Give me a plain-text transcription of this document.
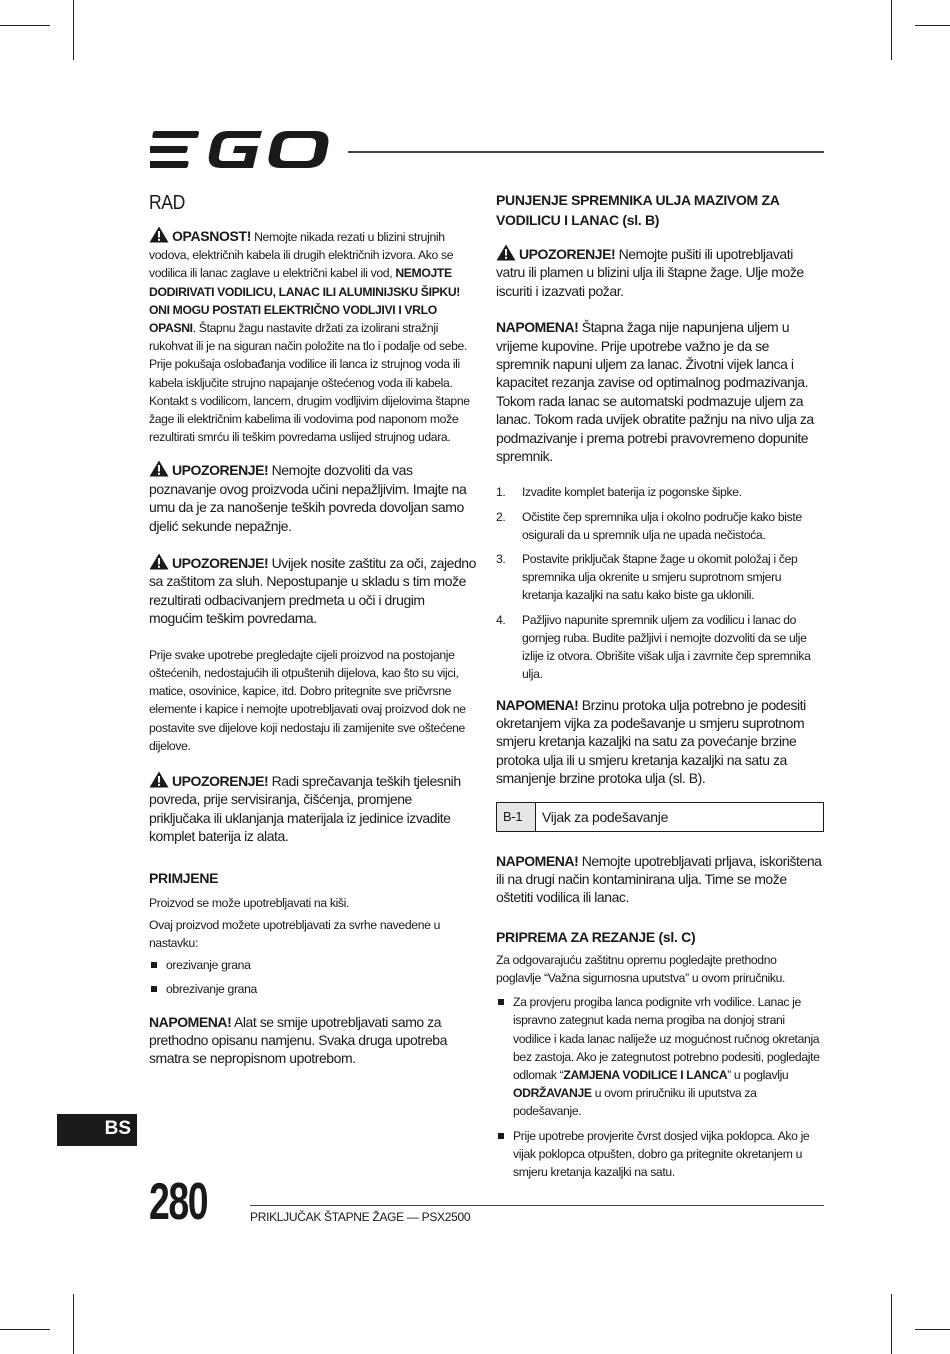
RAD

OPASNOST! Nemojte nikada rezati u blizini strujnih vodova, električnih kabela ili drugih električnih izvora. Ako se vodilica ili lanac zaglave u električni kabel ili vod, NEMOJTE DODIRIVATI VODILICU, LANAC ILI ALUMINIJSKU ŠIPKU! ONI MOGU POSTATI ELEKTRIČNO VODLJIVI I VRLO OPASNI. Štapnu žagu nastavite držati za izolirani stražnji rukohvat ili je na siguran način položite na tlo i podalje od sebe. Prije pokušaja oslobađanja vodilice ili lanca iz strujnog voda ili kabela isključite strujno napajanje oštećenog voda ili kabela. Kontakt s vodilicom, lancem, drugim vodljivim dijelovima štapne žage ili električnim kabelima ili vodovima pod naponom može rezultirati smrću ili teškim povredama uslijed strujnog udara.

UPOZORENJE! Nemojte dozvoliti da vas poznavanje ovog proizvoda učini nepažljivim. Imajte na umu da je za nanošenje teških povreda dovoljan samo djelić sekunde nepažnje.

UPOZORENJE! Uvijek nosite zaštitu za oči, zajedno sa zaštitom za sluh. Nepostupanje u skladu s tim može rezultirati odbacivanjem predmeta u oči i drugim mogućim teškim povredama.

Prije svake upotrebe pregledajte cijeli proizvod na postojanje oštećenih, nedostajućih ili otpuštenih dijelova, kao što su vijci, matice, osovinice, kapice, itd. Dobro pritegnite sve pričvrsne elemente i kapice i nemojte upotrebljavati ovaj proizvod dok ne postavite sve dijelove koji nedostaju ili zamijenite sve oštećene dijelove.

UPOZORENJE! Radi sprečavanja teških tjelesnih povreda, prije servisiranja, čišćenja, promjene priključaka ili uklanjanja materijala iz jedinice izvadite komplet baterija iz alata.

PRIMJENE

Proizvod se može upotrebljavati na kiši.

Ovaj proizvod možete upotrebljavati za svrhe navedene u nastavku:

orezivanje grana
obrezivanje grana

NAPOMENA! Alat se smije upotrebljavati samo za prethodno opisanu namjenu. Svaka druga upotreba smatra se nepropisnom upotrebom.

PUNJENJE SPREMNIKA ULJA MAZIVOM ZA VODILICU I LANAC (sl. B)

UPOZORENJE! Nemojte pušiti ili upotrebljavati vatru ili plamen u blizini ulja ili štapne žage. Ulje može iscuriti i izazvati požar.

NAPOMENA! Štapna žaga nije napunjena uljem u vrijeme kupovine. Prije upotrebe važno je da se spremnik napuni uljem za lanac. Životni vijek lanca i kapacitet rezanja zavise od optimalnog podmazivanja. Tokom rada lanac se automatski podmazuje uljem za lanac. Tokom rada uvijek obratite pažnju na nivo ulja za podmazivanje i prema potrebi pravovremeno dopunite spremnik.

1. Izvadite komplet baterija iz pogonske šipke.
2. Očistite čep spremnika ulja i okolno područje kako biste osigurali da u spremnik ulja ne upada nečistoća.
3. Postavite priključak štapne žage u okomit položaj i čep spremnika ulja okrenite u smjeru suprotnom smjeru kretanja kazaljki na satu kako biste ga uklonili.
4. Pažljivo napunite spremnik uljem za vodilicu i lanac do gornjeg ruba. Budite pažljivi i nemojte dozvoliti da se ulje izlije iz otvora. Obrišite višak ulja i zavrnite čep spremnika ulja.

NAPOMENA! Brzinu protoka ulja potrebno je podesiti okretanjem vijka za podešavanje u smjeru suprotnom smjeru kretanja kazaljki na satu za povećanje brzine protoka ulja ili u smjeru kretanja kazaljki na satu za smanjenje brzine protoka ulja (sl. B).

B-1	Vijak za podešavanje

NAPOMENA! Nemojte upotrebljavati prljava, iskorištena ili na drugi način kontaminirana ulja. Time se može oštetiti vodilica ili lanac.

PRIPREMA ZA REZANJE (sl. C)

Za odgovarajuću zaštitnu opremu pogledajte prethodno poglavlje “Važna sigurnosna uputstva” u ovom priručniku.

Za provjeru progiba lanca podignite vrh vodilice. Lanac je ispravno zategnut kada nema progiba na donjoj strani vodilice i kada lanac naliježe uz mogućnost ručnog okretanja bez zastoja. Ako je zategnutost potrebno podesiti, pogledajte odlomak “ZAMJENA VODILICE I LANCA” u poglavlju ODRŽAVANJE u ovom priručniku ili uputstva za podešavanje.
Prije upotrebe provjerite čvrst dosjed vijka poklopca. Ako je vijak poklopca otpušten, dobro ga pritegnite okretanjem u smjeru kretanja kazaljki na satu.
BS
280	PRIKLJUČAK ŠTAPNE ŽAGE — PSX2500
